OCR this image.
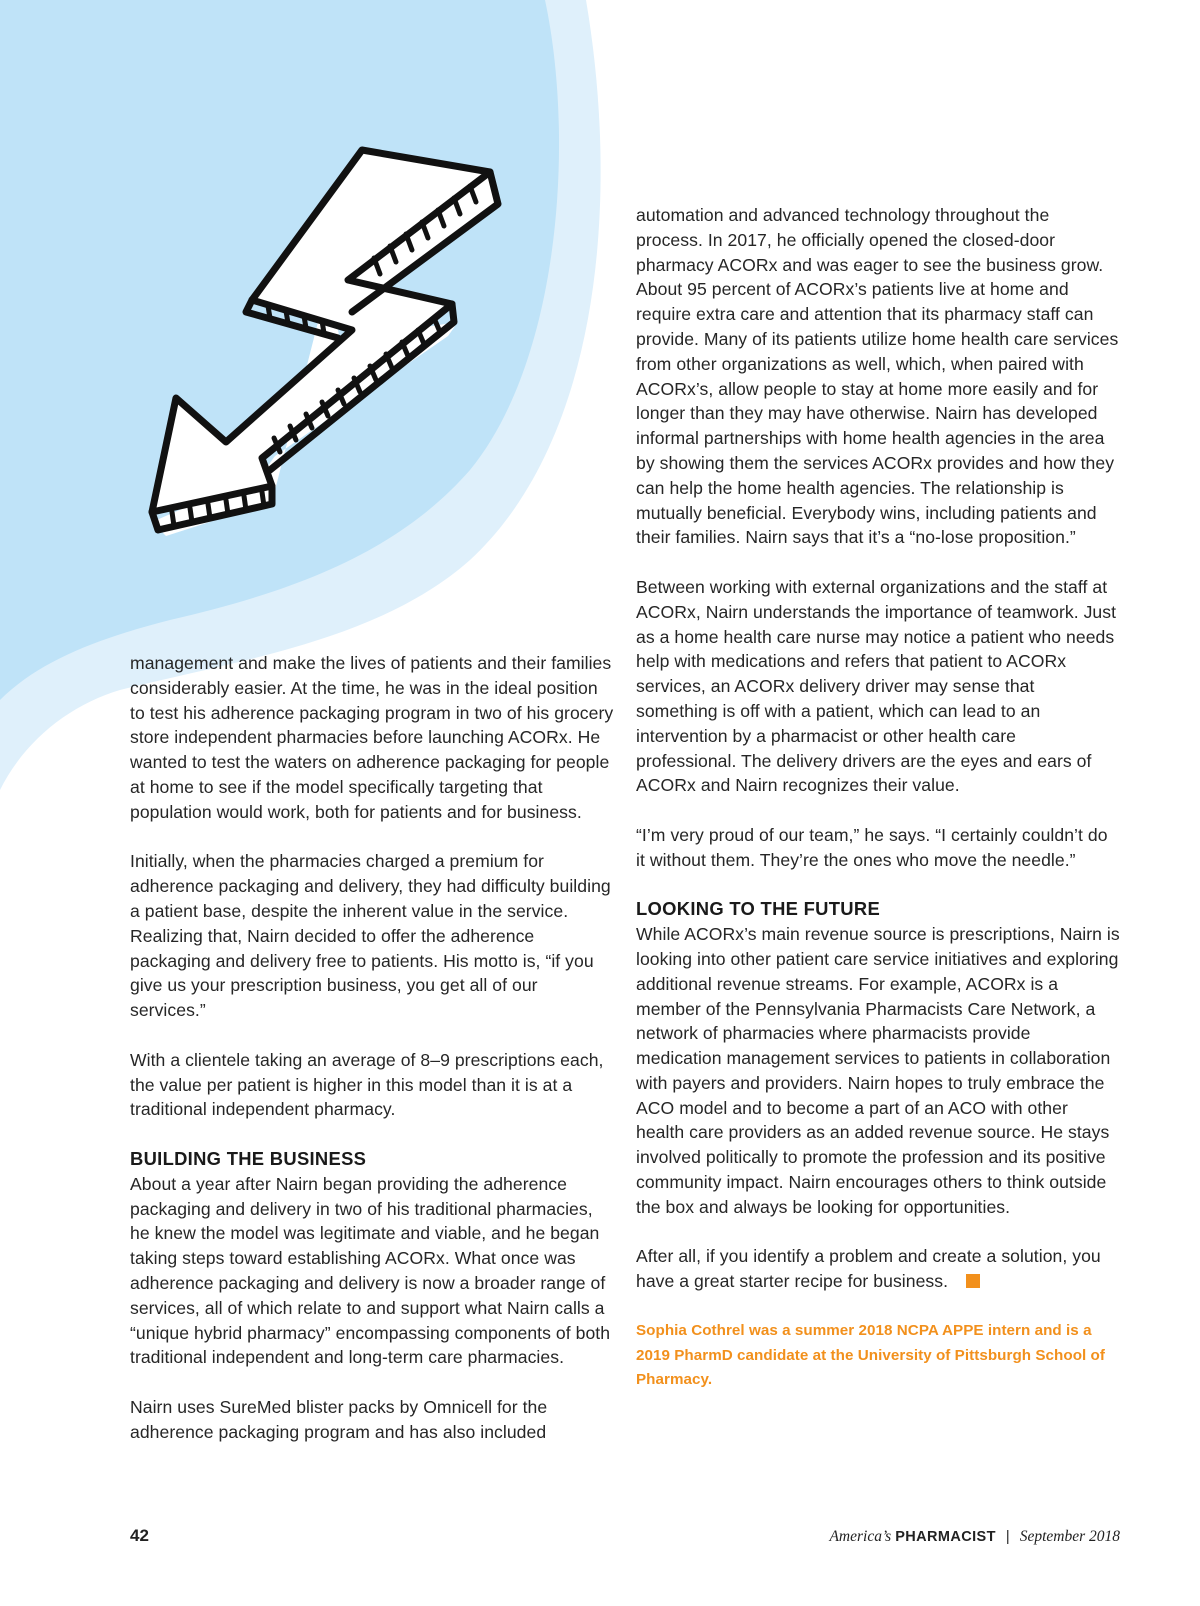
management and make the lives of patients and their families considerably easier. At the time, he was in the ideal position to test his adherence packaging program in two of his grocery store independent pharmacies before launching ACORx. He wanted to test the waters on adherence packaging for people at home to see if the model specifically targeting that population would work, both for patients and for business.

Initially, when the pharmacies charged a premium for adherence packaging and delivery, they had difficulty building a patient base, despite the inherent value in the service. Realizing that, Nairn decided to offer the adherence packaging and delivery free to patients. His motto is, “if you give us your prescription business, you get all of our services.”

With a clientele taking an average of 8–9 prescriptions each, the value per patient is higher in this model than it is at a traditional independent pharmacy.

BUILDING THE BUSINESS

About a year after Nairn began providing the adherence packaging and delivery in two of his traditional pharmacies, he knew the model was legitimate and viable, and he began taking steps toward establishing ACORx. What once was adherence packaging and delivery is now a broader range of services, all of which relate to and support what Nairn calls a “unique hybrid pharmacy” encompassing components of both traditional independent and long-term care pharmacies.

Nairn uses SureMed blister packs by Omnicell for the adherence packaging program and has also included

automation and advanced technology throughout the process. In 2017, he officially opened the closed-door pharmacy ACORx and was eager to see the business grow. About 95 percent of ACORx’s patients live at home and require extra care and attention that its pharmacy staff can provide. Many of its patients utilize home health care services from other organizations as well, which, when paired with ACORx’s, allow people to stay at home more easily and for longer than they may have otherwise. Nairn has developed informal partnerships with home health agencies in the area by showing them the services ACORx provides and how they can help the home health agencies. The relationship is mutually beneficial. Everybody wins, including patients and their families. Nairn says that it’s a “no-lose proposition.”

Between working with external organizations and the staff at ACORx, Nairn understands the importance of teamwork. Just as a home health care nurse may notice a patient who needs help with medications and refers that patient to ACORx services, an ACORx delivery driver may sense that something is off with a patient, which can lead to an intervention by a pharmacist or other health care professional. The delivery drivers are the eyes and ears of ACORx and Nairn recognizes their value.

“I’m very proud of our team,” he says. “I certainly couldn’t do it without them. They’re the ones who move the needle.”

LOOKING TO THE FUTURE

While ACORx’s main revenue source is prescriptions, Nairn is looking into other patient care service initiatives and exploring additional revenue streams. For example, ACORx is a member of the Pennsylvania Pharmacists Care Network, a network of pharmacies where pharmacists provide medication management services to patients in collaboration with payers and providers. Nairn hopes to truly embrace the ACO model and to become a part of an ACO with other health care providers as an added revenue source. He stays involved politically to promote the profession and its positive community impact. Nairn encourages others to think outside the box and always be looking for opportunities.

After all, if you identify a problem and create a solution, you have a great starter recipe for business.

Sophia Cothrel was a summer 2018 NCPA APPE intern and is a 2019 PharmD candidate at the University of Pittsburgh School of Pharmacy.
42	America’s PHARMACIST | September 2018
